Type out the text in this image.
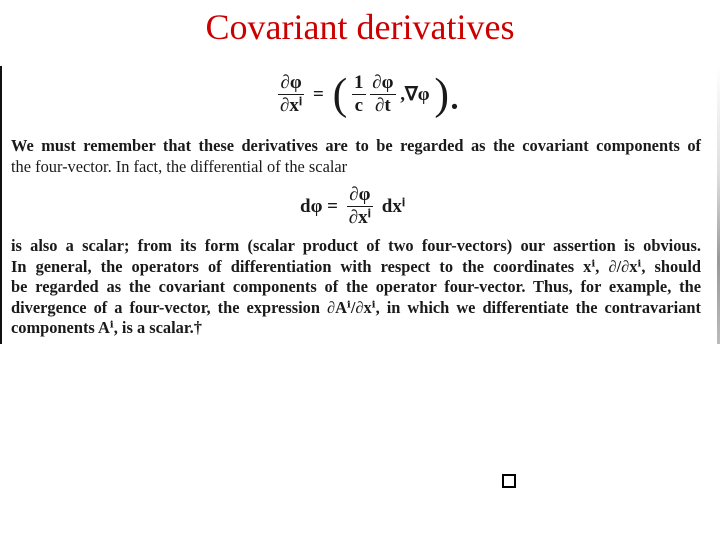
Covariant derivatives
$\frac{\partial\varphi}{\text{∂xⁱ}}$ = ( $\frac{1}{c}$
$\frac{\partial\varphi}{\partial t} ,\nabla\varphi$ ).
We must remember that these derivatives are to be regarded as the covariant components of
the four-vector. In fact, the differential of the scalar
$d\varphi = \frac{\partial\varphi}{\text{∂xⁱ}}$ dxⁱ
is also a scalar; from its form (scalar product of two four-vectors) our assertion is obvious.
In general, the operators of differentiation with respect to the coordinates xⁱ, ∂/∂xⁱ, should
be regarded as the covariant components of the operator four-vector. Thus, for example, the
divergence of a four-vector, the expression ∂Aⁱ/∂xⁱ, in which we differentiate the contravariant
components Aⁱ, is a scalar.†
